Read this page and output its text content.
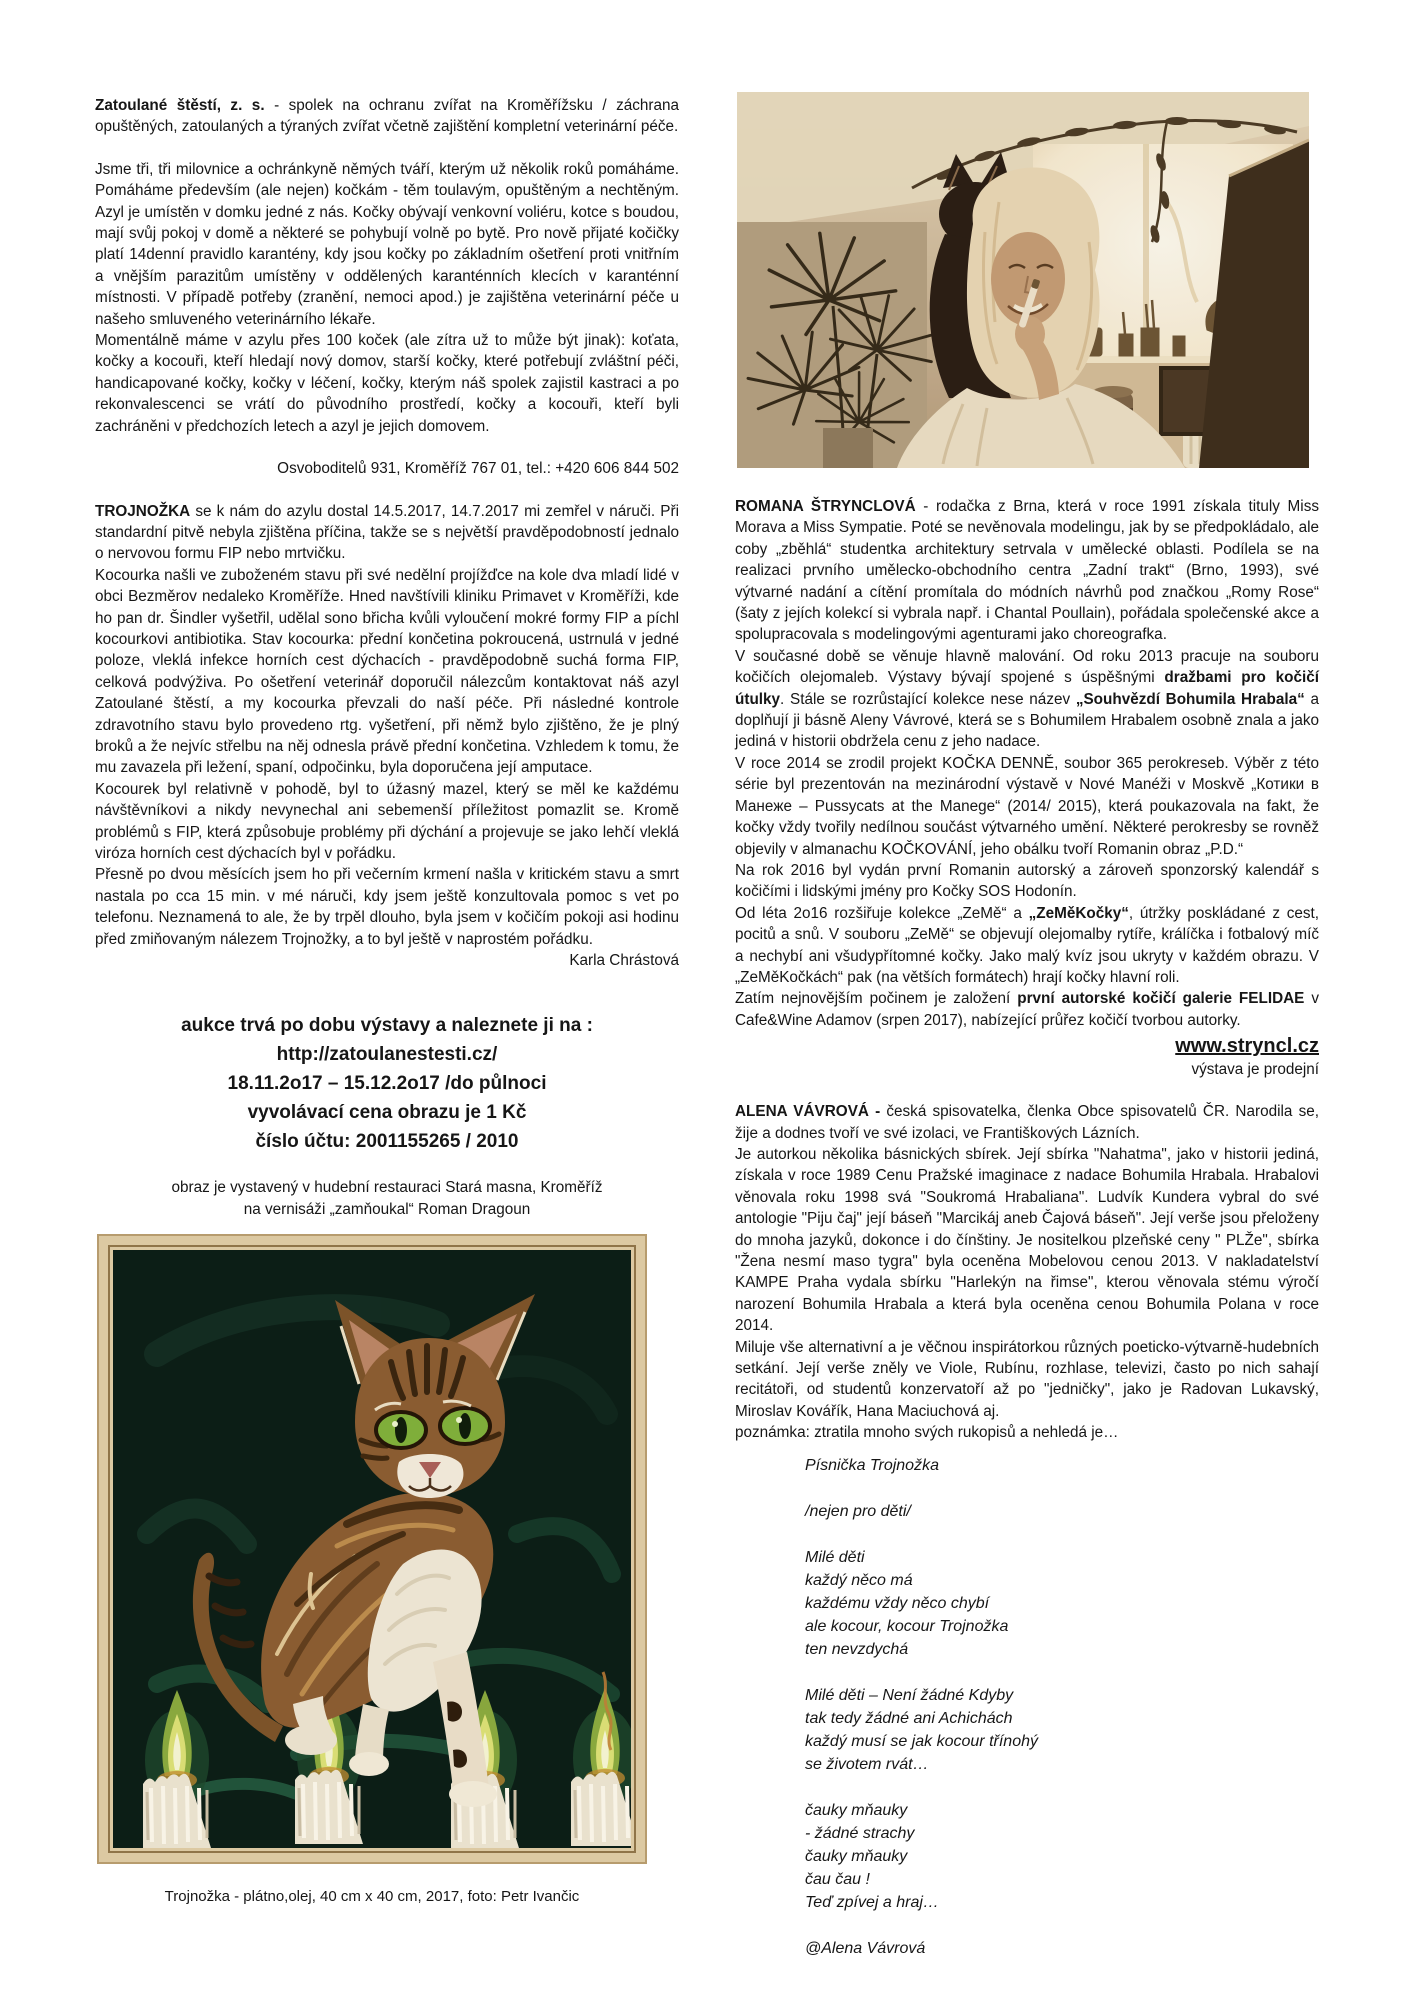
Zatoulané štěstí, z. s. - spolek na ochranu zvířat na Kroměřížsku / záchrana opuštěných, zatoulaných a týraných zvířat včetně zajištění kompletní veterinární péče.

Jsme tři, tři milovnice a ochránkyně němých tváří, kterým už několik roků pomáháme. Pomáháme především (ale nejen) kočkám - těm toulavým, opuštěným a nechtěným. Azyl je umístěn v domku jedné z nás. Kočky obývají venkovní voliéru, kotce s boudou, mají svůj pokoj v domě a některé se pohybují volně po bytě. Pro nově přijaté kočičky platí 14denní pravidlo karantény, kdy jsou kočky po základním ošetření proti vnitřním a vnějším parazitům umístěny v oddělených karanténních klecích v karanténní místnosti. V případě potřeby (zranění, nemoci apod.) je zajištěna veterinární péče u našeho smluveného veterinárního lékaře.

Momentálně máme v azylu přes 100 koček (ale zítra už to může být jinak): koťata, kočky a kocouři, kteří hledají nový domov, starší kočky, které potřebují zvláštní péči, handicapované kočky, kočky v léčení, kočky, kterým náš spolek zajistil kastraci a po rekonvalescenci se vrátí do původního prostředí, kočky a kocouři, kteří byli zachráněni v předchozích letech a azyl je jejich domovem.

Osvoboditelů 931, Kroměříž 767 01, tel.: +420 606 844 502

TROJNOŽKA se k nám do azylu dostal 14.5.2017, 14.7.2017 mi zemřel v náruči. Při standardní pitvě nebyla zjištěna příčina, takže se s největší pravděpodobností jednalo o nervovou formu FIP nebo mrtvičku.

Kocourka našli ve zuboženém stavu při své nedělní projížďce na kole dva mladí lidé v obci Bezměrov nedaleko Kroměříže. Hned navštívili kliniku Primavet v Kroměříži, kde ho pan dr. Šindler vyšetřil, udělal sono břicha kvůli vyloučení mokré formy FIP a píchl kocourkovi antibiotika. Stav kocourka: přední končetina pokroucená, ustrnulá v jedné poloze, vleklá infekce horních cest dýchacích - pravděpodobně suchá forma FIP, celková podvýživa. Po ošetření veterinář doporučil nálezcům kontaktovat náš azyl Zatoulané štěstí, a my kocourka převzali do naší péče. Při následné kontrole zdravotního stavu bylo provedeno rtg. vyšetření, při němž bylo zjištěno, že je plný broků a že nejvíc střelbu na něj odnesla právě přední končetina. Vzhledem k tomu, že mu zavazela při ležení, spaní, odpočinku, byla doporučena její amputace.

Kocourek byl relativně v pohodě, byl to úžasný mazel, který se měl ke každému návštěvníkovi a nikdy nevynechal ani sebemenší příležitost pomazlit se. Kromě problémů s FIP, která způsobuje problémy při dýchání a projevuje se jako lehčí vleklá viróza horních cest dýchacích byl v pořádku.

Přesně po dvou měsících jsem ho při večerním krmení našla v kritickém stavu a smrt nastala po cca 15 min. v mé náruči, kdy jsem ještě konzultovala pomoc s vet po telefonu. Neznamená to ale, že by trpěl dlouho, byla jsem v kočičím pokoji asi hodinu před zmiňovaným nálezem Trojnožky, a to byl ještě v naprostém pořádku.

Karla Chrástová

aukce trvá po dobu výstavy a naleznete ji na :
http://zatoulanestesti.cz/
18.11.2o17 – 15.12.2o17 /do půlnoci
vyvolávací cena obrazu je 1 Kč
číslo účtu: 2001155265 / 2010
obraz je vystavený v hudební restauraci Stará masna, Kroměříž
na vernisáži „zamňoukal“ Roman Dragoun
Trojnožka - plátno,olej, 40 cm x 40 cm, 2017, foto: Petr Ivančic

ROMANA ŠTRYNCLOVÁ - rodačka z Brna, která v roce 1991 získala tituly Miss Morava a Miss Sympatie. Poté se nevěnovala modelingu, jak by se předpokládalo, ale coby „zběhlá“ studentka architektury setrvala v umělecké oblasti. Podílela se na realizaci prvního umělecko-obchodního centra „Zadní trakt“ (Brno, 1993), své výtvarné nadání a cítění promítala do módních návrhů pod značkou „Romy Rose“ (šaty z jejích kolekcí si vybrala např. i Chantal Poullain), pořádala společenské akce a spolupracovala s modelingovými agenturami jako choreografka.

V současné době se věnuje hlavně malování. Od roku 2013 pracuje na souboru kočičích olejomaleb. Výstavy bývají spojené s úspěšnými dražbami pro kočičí útulky. Stále se rozrůstající kolekce nese název „Souhvězdí Bohumila Hrabala“ a doplňují ji básně Aleny Vávrové, která se s Bohumilem Hrabalem osobně znala a jako jediná v historii obdržela cenu z jeho nadace.

V roce 2014 se zrodil projekt KOČKA DENNĚ, soubor 365 perokreseb. Výběr z této série byl prezentován na mezinárodní výstavě v Nové Manéži v Moskvě „Котики в Манеже – Pussycats at the Manege“ (2014/ 2015), která poukazovala na fakt, že kočky vždy tvořily nedílnou součást výtvarného umění. Některé perokresby se rovněž objevily v almanachu KOČKOVÁNÍ, jeho obálku tvoří Romanin obraz „P.D.“

Na rok 2016 byl vydán první Romanin autorský a zároveň sponzorský kalendář s kočičími i lidskými jmény pro Kočky SOS Hodonín.

Od léta 2o16 rozšiřuje kolekce „ZeMě“ a „ZeMěKočky“, útržky poskládané z cest, pocitů a snů. V souboru „ZeMě“ se objevují olejomalby rytíře, králíčka i fotbalový míč a nechybí ani všudypřítomné kočky. Jako malý kvíz jsou ukryty v každém obrazu. V „ZeMěKočkách“ pak (na větších formátech) hrají kočky hlavní roli.

Zatím nejnovějším počinem je založení první autorské kočičí galerie FELIDAE v Cafe&Wine Adamov (srpen 2017), nabízející průřez kočičí tvorbou autorky.

www.stryncl.cz
výstava je prodejní

ALENA VÁVROVÁ - česká spisovatelka, členka Obce spisovatelů ČR. Narodila se, žije a dodnes tvoří ve své izolaci, ve Františkových Lázních.

Je autorkou několika básnických sbírek. Její sbírka "Nahatma", jako v historii jediná, získala v roce 1989 Cenu Pražské imaginace z nadace Bohumila Hrabala. Hrabalovi věnovala roku 1998 svá "Soukromá Hrabaliana". Ludvík Kundera vybral do své antologie "Piju čaj" její báseň "Marcikáj aneb Čajová báseň". Její verše jsou přeloženy do mnoha jazyků, dokonce i do čínštiny. Je nositelkou plzeňské ceny " PLŽe", sbírka "Žena nesmí maso tygra" byla oceněna Mobelovou cenou 2013. V nakladatelství KAMPE Praha vydala sbírku "Harlekýn na řimse", kterou věnovala stému výročí narození Bohumila Hrabala a která byla oceněna cenou Bohumila Polana v roce 2014.

Miluje vše alternativní a je věčnou inspirátorkou různých poeticko-výtvarně-hudebních setkání. Její verše zněly ve Viole, Rubínu, rozhlase, televizi, často po nich sahají recitátoři, od studentů konzervatoří až po "jedničky", jako je Radovan Lukavský, Miroslav Kovářík, Hana Maciuchová aj.

poznámka: ztratila mnoho svých rukopisů a nehledá je…

Písnička Trojnožka
/nejen pro děti/
Milé děti
každý něco má
každému vždy něco chybí
ale kocour, kocour Trojnožka
ten nevzdychá
Milé děti – Není žádné Kdyby
tak tedy žádné ani Achichách
každý musí se jak kocour třínohý
se životem rvát…
čauky mňauky
- žádné strachy
čauky mňauky
čau čau !
Teď zpívej a hraj…
@Alena Vávrová
